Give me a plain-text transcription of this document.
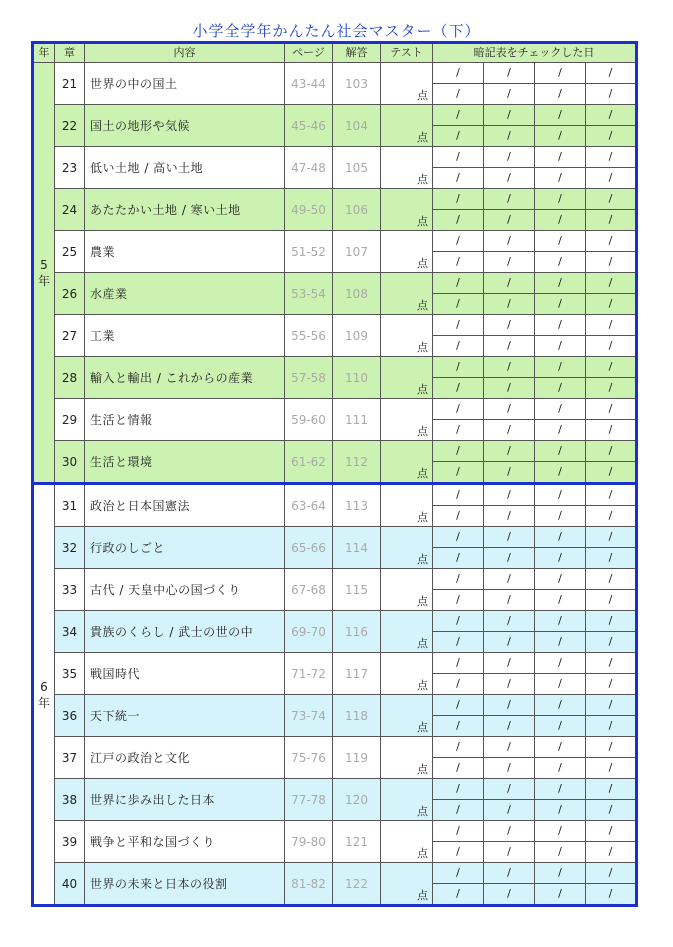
小学全学年かんたん社会マスター（下）
年	章	内容	ページ	解答	テスト	暗記表をチェックした日			
5
年	21	世界の中の国土	43-44	103	点	/	/	/	/
						/	/	/	/
	22	国土の地形や気候	45-46	104	点	/	/	/	/
						/	/	/	/
	23	低い土地 / 高い土地	47-48	105	点	/	/	/	/
						/	/	/	/
	24	あたたかい土地 / 寒い土地	49-50	106	点	/	/	/	/
						/	/	/	/
	25	農業	51-52	107	点	/	/	/	/
						/	/	/	/
	26	水産業	53-54	108	点	/	/	/	/
						/	/	/	/
	27	工業	55-56	109	点	/	/	/	/
						/	/	/	/
	28	輸入と輸出 / これからの産業	57-58	110	点	/	/	/	/
						/	/	/	/
	29	生活と情報	59-60	111	点	/	/	/	/
						/	/	/	/
	30	生活と環境	61-62	112	点	/	/	/	/
						/	/	/	/
6
年	31	政治と日本国憲法	63-64	113	点	/	/	/	/
						/	/	/	/
	32	行政のしごと	65-66	114	点	/	/	/	/
						/	/	/	/
	33	古代 / 天皇中心の国づくり	67-68	115	点	/	/	/	/
						/	/	/	/
	34	貴族のくらし / 武士の世の中	69-70	116	点	/	/	/	/
						/	/	/	/
	35	戦国時代	71-72	117	点	/	/	/	/
						/	/	/	/
	36	天下統一	73-74	118	点	/	/	/	/
						/	/	/	/
	37	江戸の政治と文化	75-76	119	点	/	/	/	/
						/	/	/	/
	38	世界に歩み出した日本	77-78	120	点	/	/	/	/
						/	/	/	/
	39	戦争と平和な国づくり	79-80	121	点	/	/	/	/
						/	/	/	/
	40	世界の未来と日本の役割	81-82	122	点	/	/	/	/
						/	/	/	/
